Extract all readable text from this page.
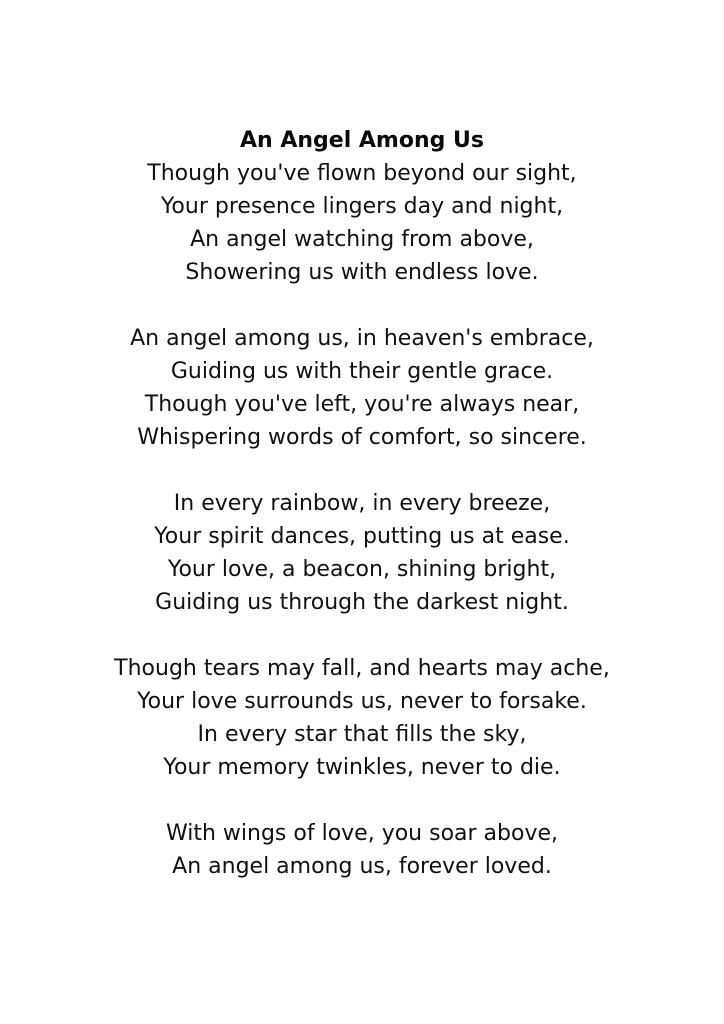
An Angel Among Us
Though you've flown beyond our sight,
Your presence lingers day and night,
An angel watching from above,
Showering us with endless love.
An angel among us, in heaven's embrace,
Guiding us with their gentle grace.
Though you've left, you're always near,
Whispering words of comfort, so sincere.
In every rainbow, in every breeze,
Your spirit dances, putting us at ease.
Your love, a beacon, shining bright,
Guiding us through the darkest night.
Though tears may fall, and hearts may ache,
Your love surrounds us, never to forsake.
In every star that fills the sky,
Your memory twinkles, never to die.
With wings of love, you soar above,
An angel among us, forever loved.
